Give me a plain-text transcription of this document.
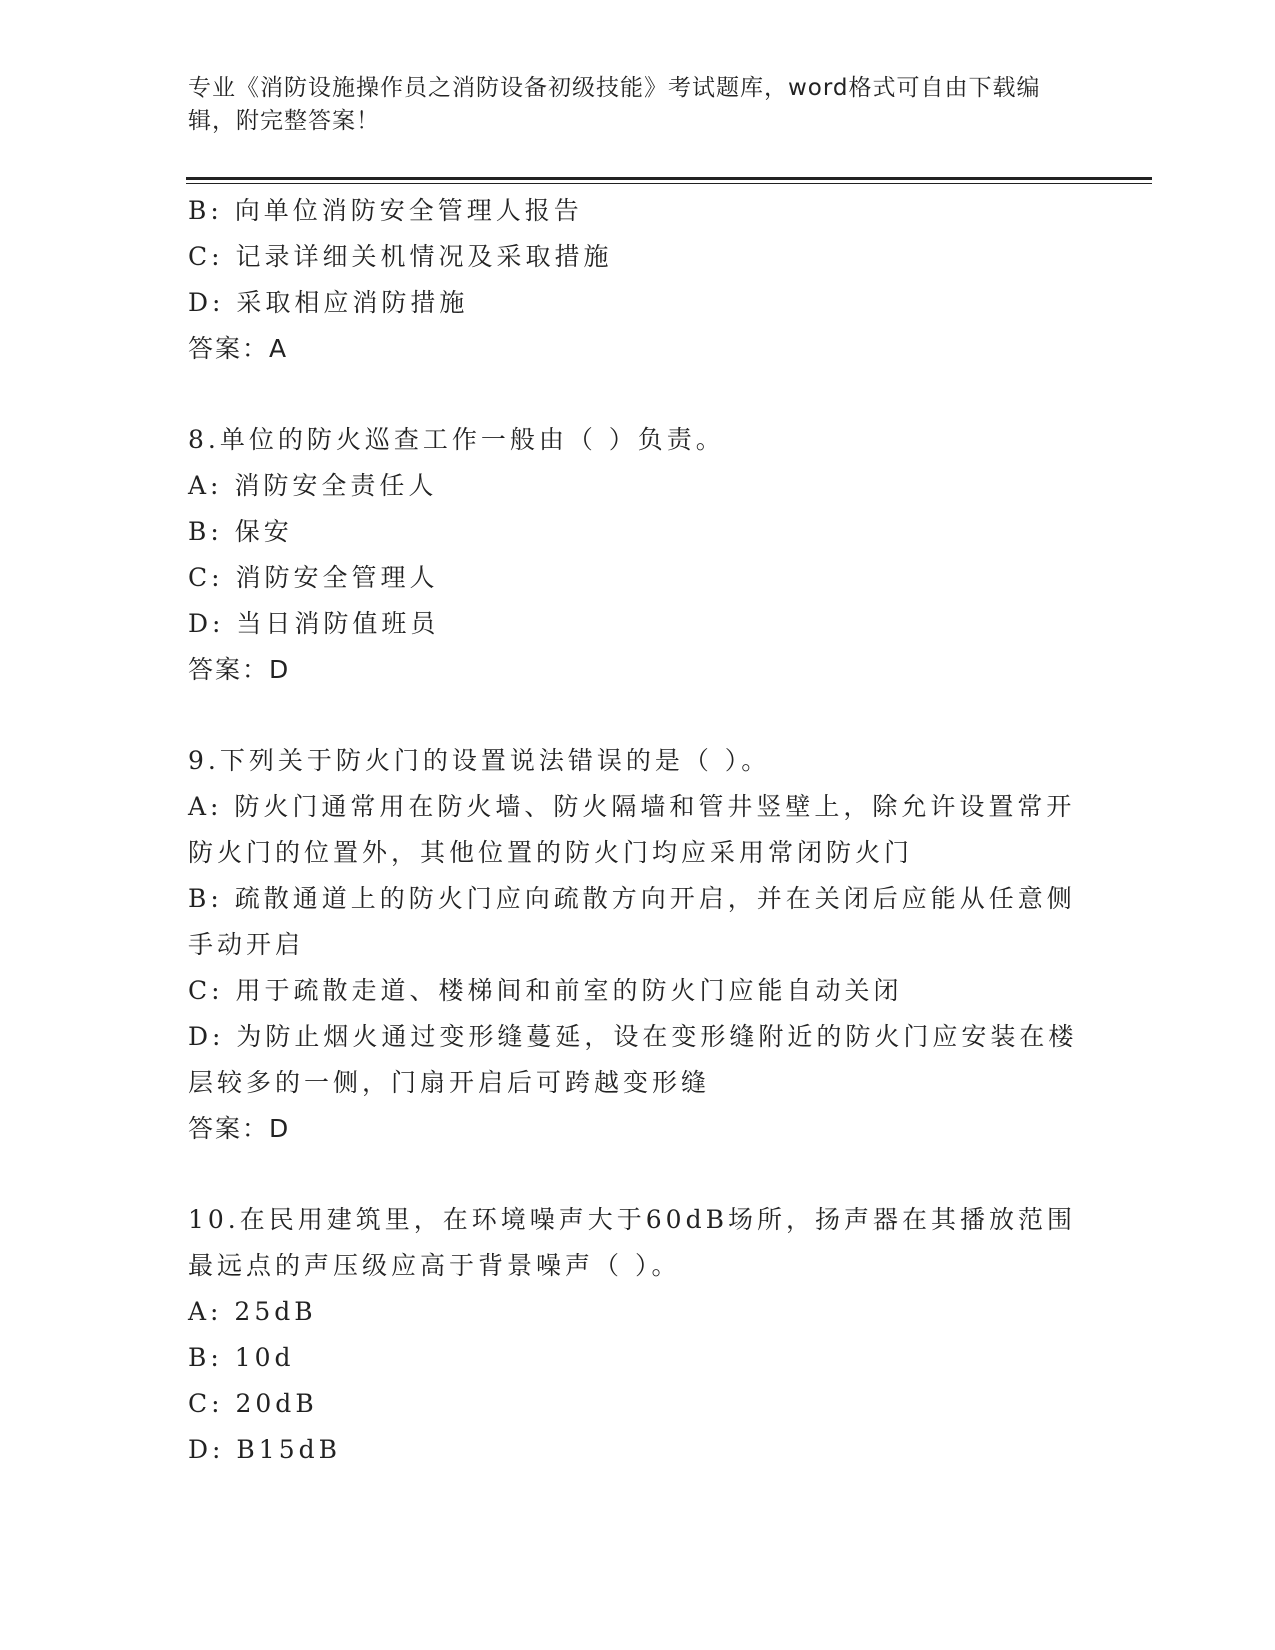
专业《消防设施操作员之消防设备初级技能》考试题库，word格式可自由下载编辑，附完整答案！
B: 向单位消防安全管理人报告
C: 记录详细关机情况及采取措施
D: 采取相应消防措施
答案：A
8.单位的防火巡查工作一般由（ ）负责。
A: 消防安全责任人
B: 保安
C: 消防安全管理人
D: 当日消防值班员
答案：D
9.下列关于防火门的设置说法错误的是（ ）。
A: 防火门通常用在防火墙、防火隔墙和管井竖壁上，除允许设置常开防火门的位置外，其他位置的防火门均应采用常闭防火门
B: 疏散通道上的防火门应向疏散方向开启，并在关闭后应能从任意侧手动开启
C: 用于疏散走道、楼梯间和前室的防火门应能自动关闭
D: 为防止烟火通过变形缝蔓延，设在变形缝附近的防火门应安装在楼层较多的一侧，门扇开启后可跨越变形缝
答案：D
10.在民用建筑里，在环境噪声大于60dB场所，扬声器在其播放范围最远点的声压级应高于背景噪声（ ）。
A: 25dB
B: 10d
C: 20dB
D: B15dB
